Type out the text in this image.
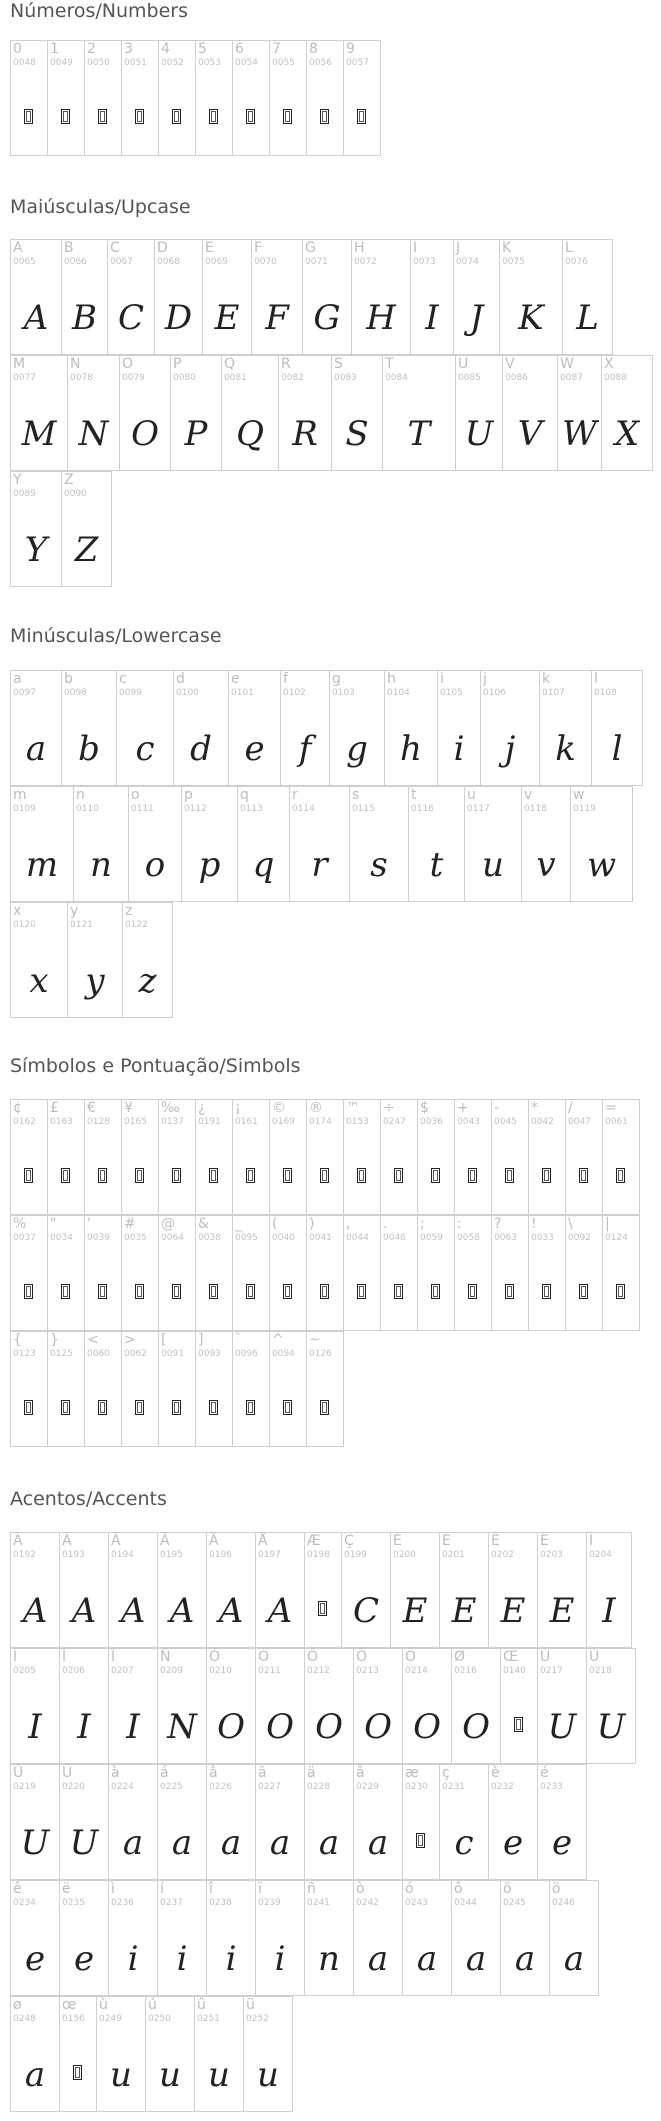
Números/Numbers
0
0048
1
0049
2
0050
3
0051
4
0052
5
0053
6
0054
7
0055
8
0056
9
0057
Maiúsculas/Upcase
A
0065
A
B
0066
B
C
0067
C
D
0068
D
E
0069
E
F
0070
F
G
0071
G
H
0072
H
I
0073
I
J
0074
J
K
0075
K
L
0076
L
M
0077
M
N
0078
N
O
0079
O
P
0080
P
Q
0081
Q
R
0082
R
S
0083
S
T
0084
T
U
0085
U
V
0086
V
W
0087
W
X
0088
X
Y
0089
Y
Z
0090
Z
Minúsculas/Lowercase
a
0097
a
b
0098
b
c
0099
c
d
0100
d
e
0101
e
f
0102
f
g
0103
g
h
0104
h
i
0105
i
j
0106
j
k
0107
k
l
0108
l
m
0109
m
n
0110
n
o
0111
o
p
0112
p
q
0113
q
r
0114
r
s
0115
s
t
0116
t
u
0117
u
v
0118
v
w
0119
w
x
0120
x
y
0121
y
z
0122
z
Símbolos e Pontuação/Simbols
¢
0162
£
0163
€
0128
¥
0165
‰
0137
¿
0191
¡
0161
©
0169
®
0174
™
0153
÷
0247
$
0036
+
0043
-
0045
*
0042
/
0047
=
0061
%
0037
"
0034
'
0039
#
0035
@
0064
&
0038
_
0095
(
0040
)
0041
,
0044
.
0046
;
0059
:
0058
?
0063
!
0033
\
0092
|
0124
{
0123
}
0125
<
0060
>
0062
[
0091
]
0093
`
0096
^
0094
~
0126
Acentos/Accents
À
0192
A
Á
0193
A
Â
0194
A
Ã
0195
A
Ä
0196
A
Å
0197
A
Æ
0198
Ç
0199
C
È
0200
E
É
0201
E
Ê
0202
E
Ë
0203
E
Ì
0204
I
Í
0205
I
Î
0206
I
Ï
0207
I
Ñ
0209
N
Ò
0210
O
Ó
0211
O
Ô
0212
O
Õ
0213
O
Ö
0214
O
Ø
0216
O
Œ
0140
Ù
0217
U
Ú
0218
U
Û
0219
U
Ü
0220
U
à
0224
a
á
0225
a
â
0226
a
ã
0227
a
ä
0228
a
å
0229
a
æ
0230
ç
0231
c
è
0232
e
é
0233
e
ê
0234
e
ë
0235
e
ì
0236
i
í
0237
i
î
0238
i
ï
0239
i
ñ
0241
n
ò
0242
a
ó
0243
a
ô
0244
a
õ
0245
a
ö
0246
a
ø
0248
a
œ
0156
ù
0249
u
ú
0250
u
û
0251
u
ü
0252
u
